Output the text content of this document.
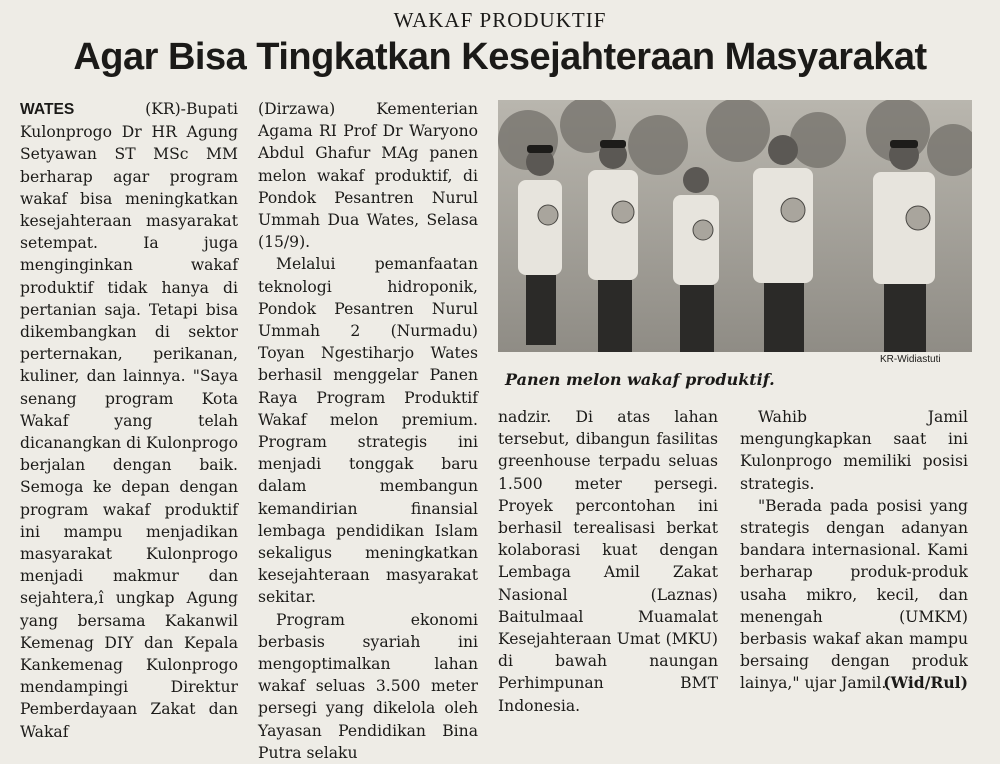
WAKAF PRODUKTIF
Agar Bisa Tingkatkan Kesejahteraan Masyarakat

WATES	(KR)-Bupati Kulonprogo Dr HR Agung Setyawan ST MSc MM berharap agar program wakaf bisa meningkatkan kesejahteraan masyarakat setempat. Ia juga menginginkan wakaf produktif tidak hanya di pertanian saja. Tetapi bisa dikembangkan di sektor perternakan, perikanan, kuliner, dan lainnya. "Saya senang program Kota Wakaf yang telah dicanangkan di Kulonprogo berjalan dengan baik. Semoga ke depan dengan program wakaf produktif ini mampu menjadikan masyarakat Kulonprogo menjadi makmur dan sejahtera,î ungkap Agung yang bersama Kakanwil Kemenag DIY dan Kepala Kankemenag Kulonprogo mendampingi Direktur Pemberdayaan Zakat dan Wakaf

(Dirzawa) Kementerian Agama RI Prof Dr Waryono Abdul Ghafur MAg panen melon wakaf produktif, di Pondok Pesantren Nurul Ummah Dua Wates, Selasa (15/9).

Melalui pemanfaatan teknologi hidroponik, Pondok Pesantren Nurul Ummah 2 (Nurmadu) Toyan Ngestiharjo Wates berhasil menggelar Panen Raya Program Produktif Wakaf melon premium. Program strategis ini menjadi tonggak baru dalam membangun kemandirian finansial lembaga pendidikan Islam sekaligus meningkatkan kesejahteraan masyarakat sekitar.

Program ekonomi berbasis syariah ini mengoptimalkan lahan wakaf seluas 3.500 meter persegi yang dikelola oleh Yayasan Pendidikan Bina Putra selaku

KR-Widiastuti
Panen melon wakaf produktif.

nadzir. Di atas lahan tersebut, dibangun fasilitas greenhouse terpadu seluas 1.500 meter persegi. Proyek percontohan ini berhasil terealisasi berkat kolaborasi kuat dengan Lembaga Amil Zakat Nasional (Laznas) Baitulmaal Muamalat Kesejahteraan Umat (MKU) di bawah naungan Perhimpunan BMT Indonesia.

Wahib Jamil mengungkapkan saat ini Kulonprogo memiliki posisi strategis.

"Berada pada posisi yang strategis dengan adanyan bandara internasional. Kami berharap produk-produk usaha mikro, kecil, dan menengah (UMKM) berbasis wakaf akan mampu bersaing dengan produk lainya," ujar Jamil.

(Wid/Rul)
